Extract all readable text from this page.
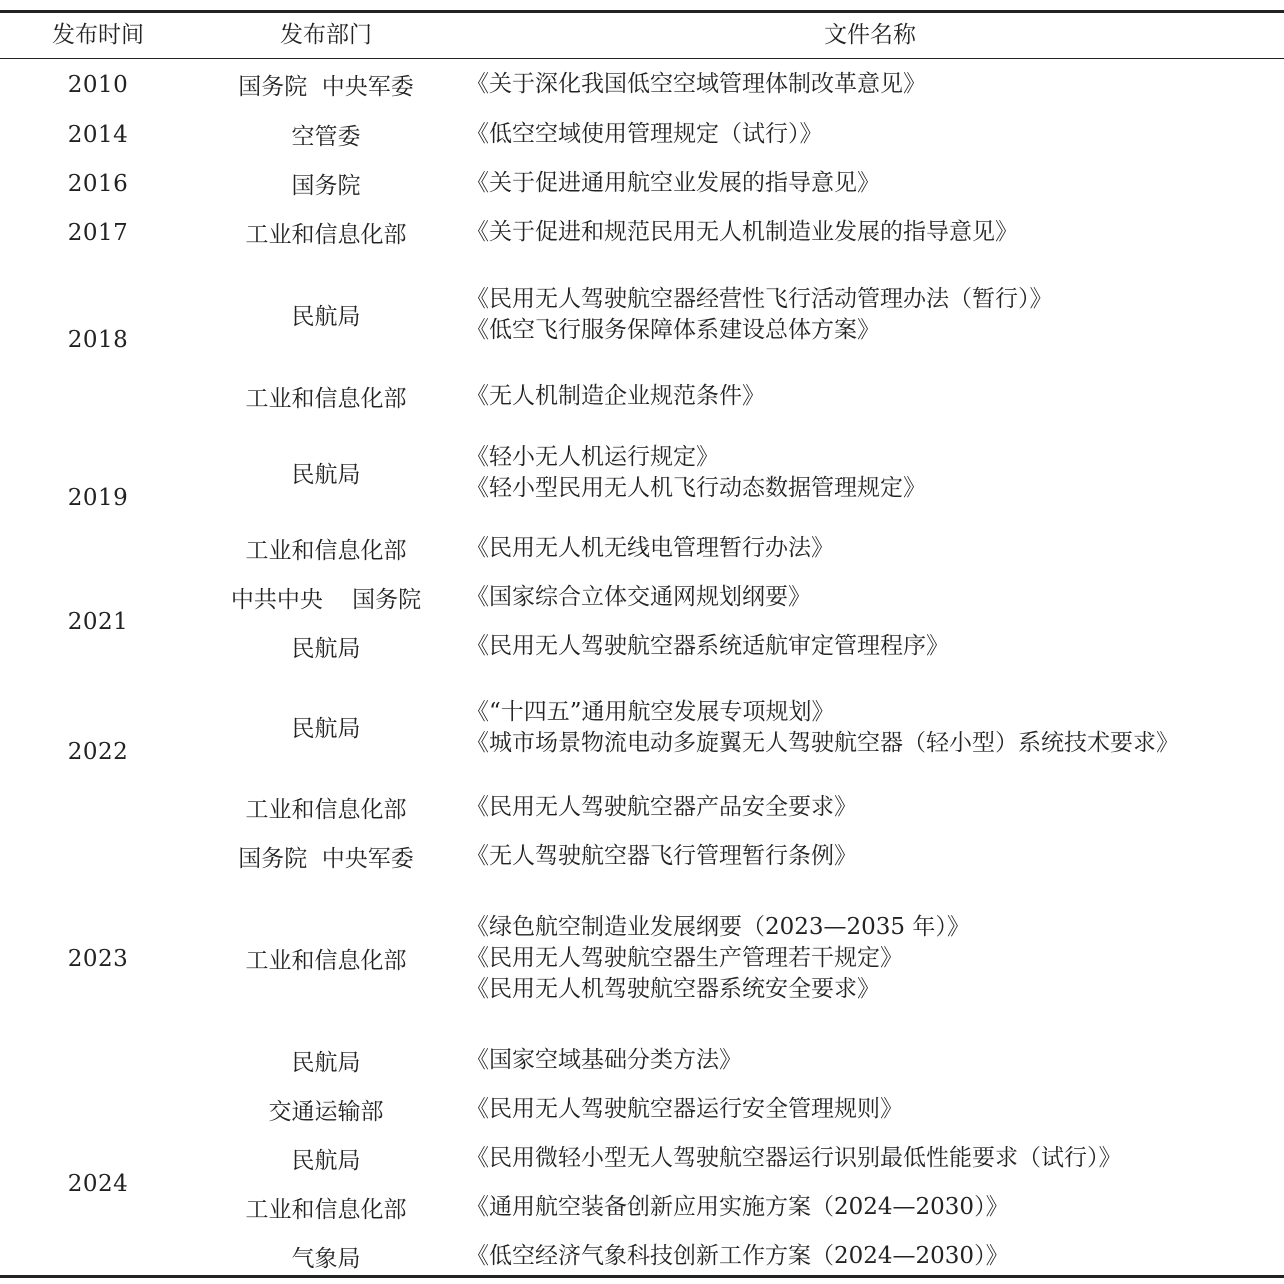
发布时间	发布部门	文件名称
2010
2014
2016
2017
2018
2019
2021
2022
2023
2024
国务院  中央军委
空管委
国务院
工业和信息化部
民航局
工业和信息化部
民航局
工业和信息化部
中共中央    国务院
民航局
民航局
工业和信息化部
国务院  中央军委
工业和信息化部
民航局
交通运输部
民航局
工业和信息化部
气象局
《关于深化我国低空空域管理体制改革意见》
《低空空域使用管理规定（试行）》
《关于促进通用航空业发展的指导意见》
《关于促进和规范民用无人机制造业发展的指导意见》
《民用无人驾驶航空器经营性飞行活动管理办法（暂行）》
《低空飞行服务保障体系建设总体方案》
《无人机制造企业规范条件》
《轻小无人机运行规定》
《轻小型民用无人机飞行动态数据管理规定》
《民用无人机无线电管理暂行办法》
《国家综合立体交通网规划纲要》
《民用无人驾驶航空器系统适航审定管理程序》
《“十四五”通用航空发展专项规划》
《城市场景物流电动多旋翼无人驾驶航空器（轻小型）系统技术要求》
《民用无人驾驶航空器产品安全要求》
《无人驾驶航空器飞行管理暂行条例》
《绿色航空制造业发展纲要（2023—2035 年）》
《民用无人驾驶航空器生产管理若干规定》
《民用无人机驾驶航空器系统安全要求》
《国家空域基础分类方法》
《民用无人驾驶航空器运行安全管理规则》
《民用微轻小型无人驾驶航空器运行识别最低性能要求（试行）》
《通用航空装备创新应用实施方案（2024—2030）》
《低空经济气象科技创新工作方案（2024—2030）》
